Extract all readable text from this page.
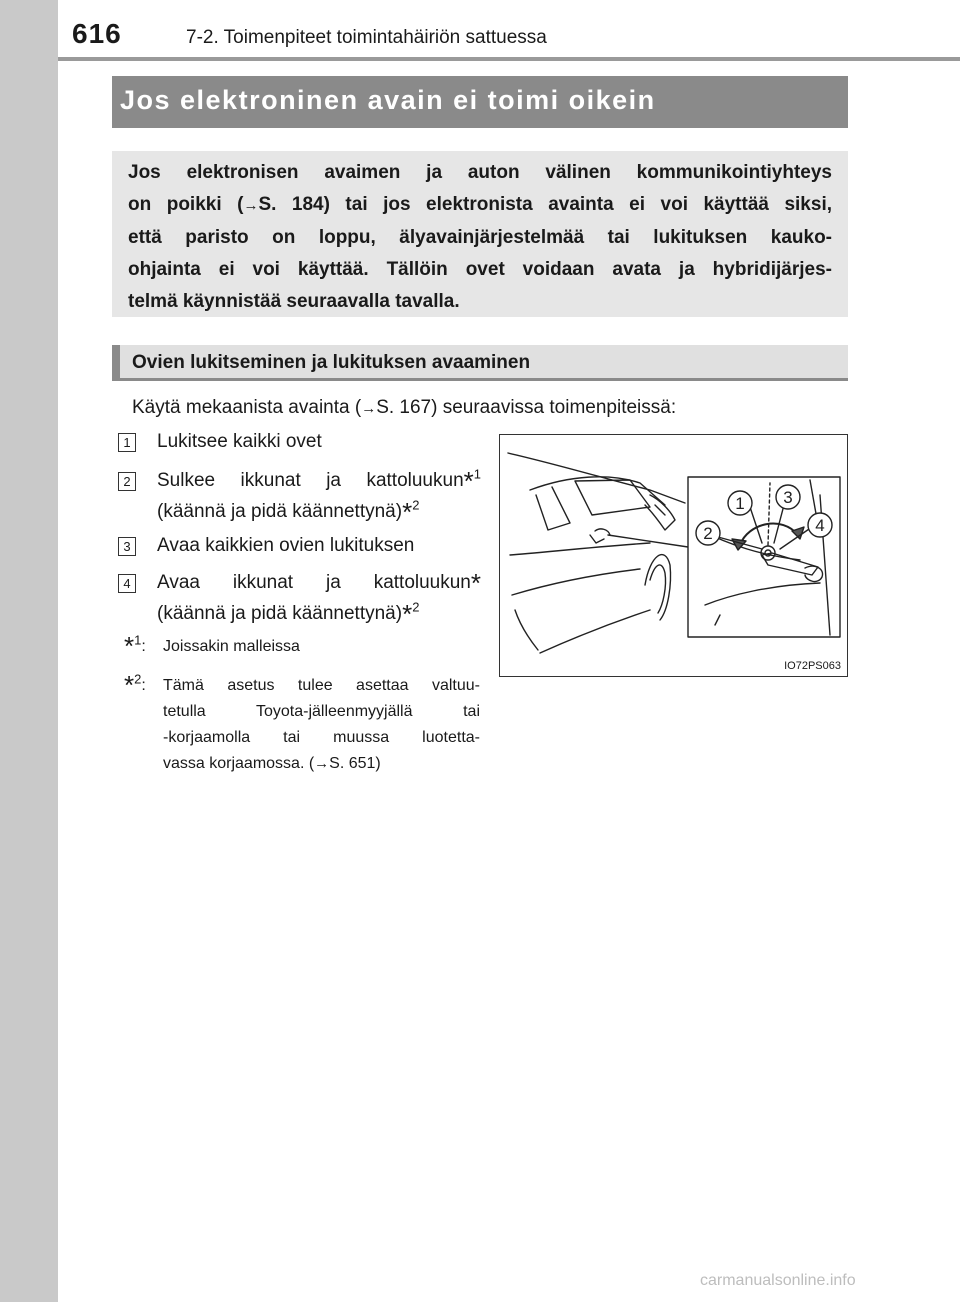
616	7-2. Toimenpiteet toimintahäiriön sattuessa
Jos elektroninen avain ei toimi oikein
Jos elektronisen avaimen ja auton välinen kommunikointiyhteys
on poikki (→S. 184) tai jos elektronista avainta ei voi käyttää siksi,
että paristo on loppu, älyavainjärjestelmää tai lukituksen kauko-
ohjainta ei voi käyttää. Tällöin ovet voidaan avata ja hybridijärjes-
telmä käynnistää seuraavalla tavalla.
Ovien lukitseminen ja lukituksen avaaminen
Käytä mekaanista avainta (→S. 167) seuraavissa toimenpiteissä:
1 Lukitsee kaikki ovet
2 Sulkee ikkunat ja kattoluukun*$^1$
(käännä ja pidä käännettynä)*$^2$
3 Avaa kaikkien ovien lukituksen
4 Avaa ikkunat ja kattoluukun*
(käännä ja pidä käännettynä)*$^2$
*$^1$: Joissakin malleissa
*$^2$: Tämä asetus tulee asettaa valtuu-
tetulla Toyota-jälleenmyyjällä tai
-korjaamolla tai muussa luotetta-
vassa korjaamossa. (→S. 651)
1 3
2	4
IO72PS063
carmanualsonline.info
